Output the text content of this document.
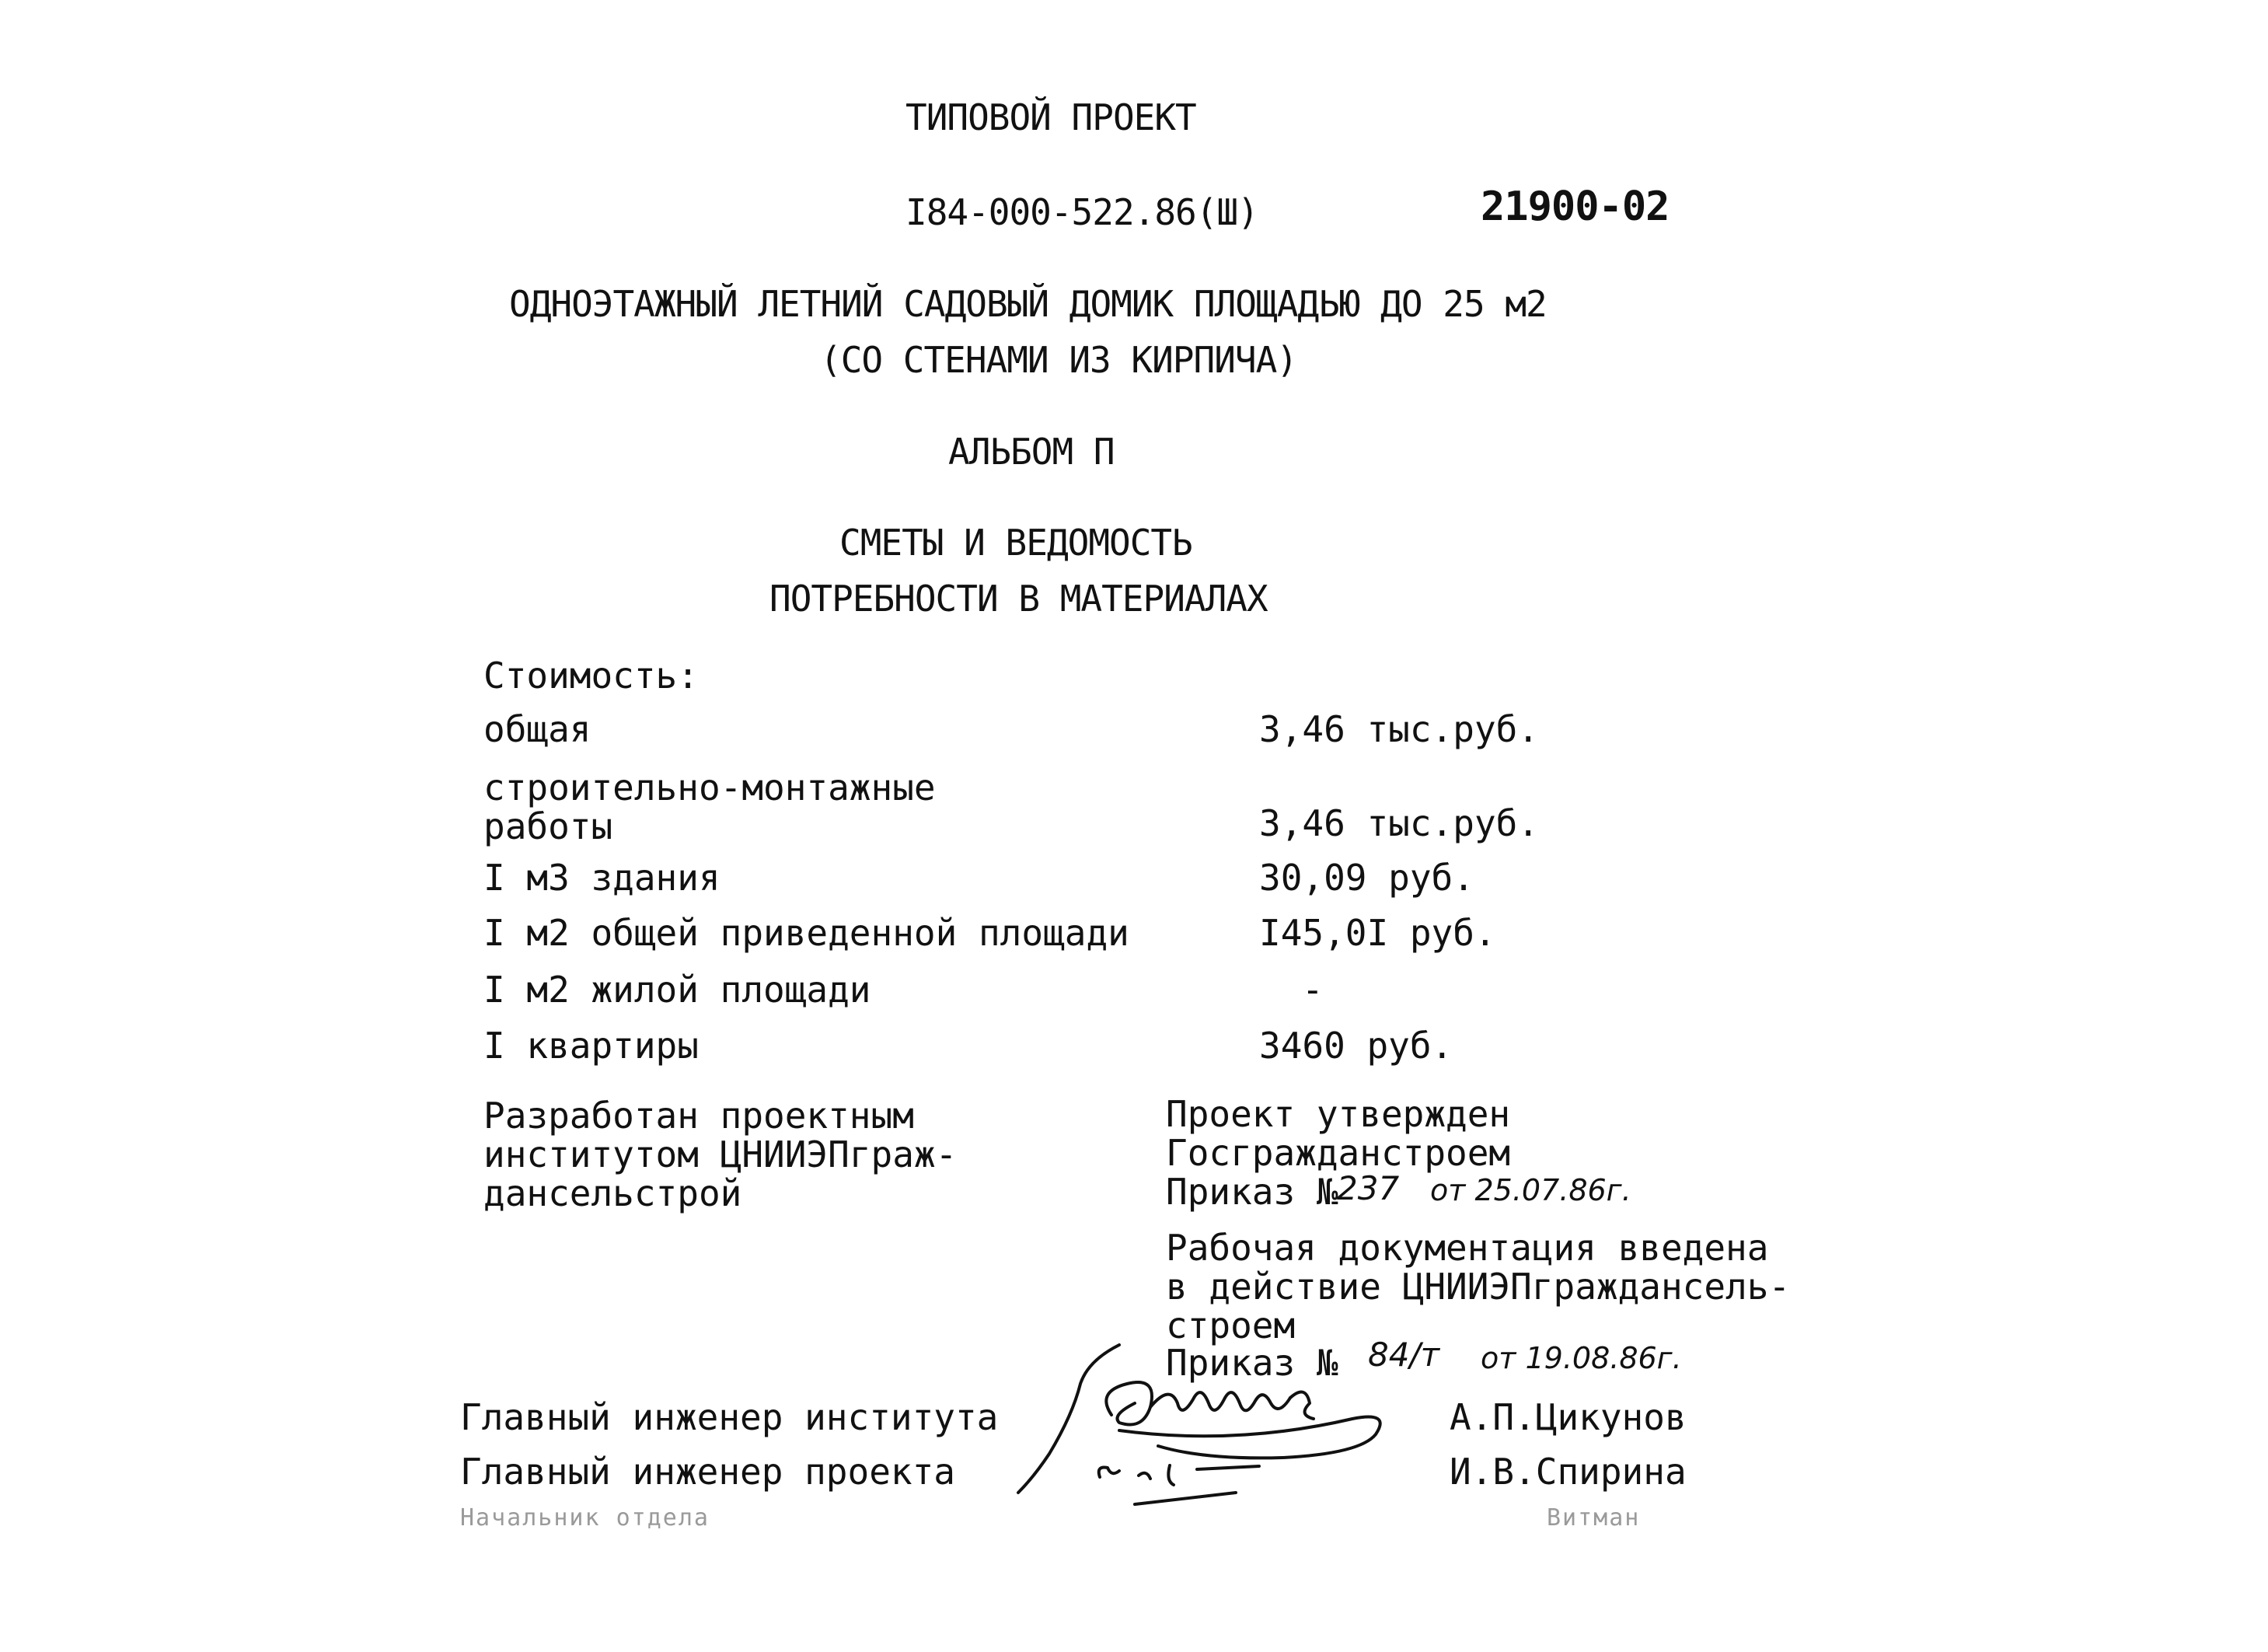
ТИПОВОЙ ПРОЕКТ
I84-000-522.86(Ш)	21900-02
ОДНОЭТАЖНЫЙ ЛЕТНИЙ САДОВЫЙ ДОМИК ПЛОЩАДЬЮ ДО 25 м2
(СО СТЕНАМИ ИЗ КИРПИЧА)
АЛЬБОМ П
СМЕТЫ И ВЕДОМОСТЬ
ПОТРЕБНОСТИ В МАТЕРИАЛАХ
Стоимость:
общая	3,46 тыс.руб.
строительно-монтажные
работы	3,46 тыс.руб.
I м3 здания	30,09 руб.
I м2 общей приведенной площади	I45,0I руб.
I м2 жилой площади	-
I квартиры	3460 руб.
Разработан проектным
институтом ЦНИИЭПграж-
дансельстрой
Проект утвержден
Госгражданстроем
Приказ №
237 от 25.07.86г.
Рабочая документация введена
в действие ЦНИИЭПгражданcель-
строем
Приказ № 84/т от 19.08.86г.
Главный инженер института	А.П.Цикунов
Главный инженер проекта	И.В.Спирина
Начальник отдела	Витман
